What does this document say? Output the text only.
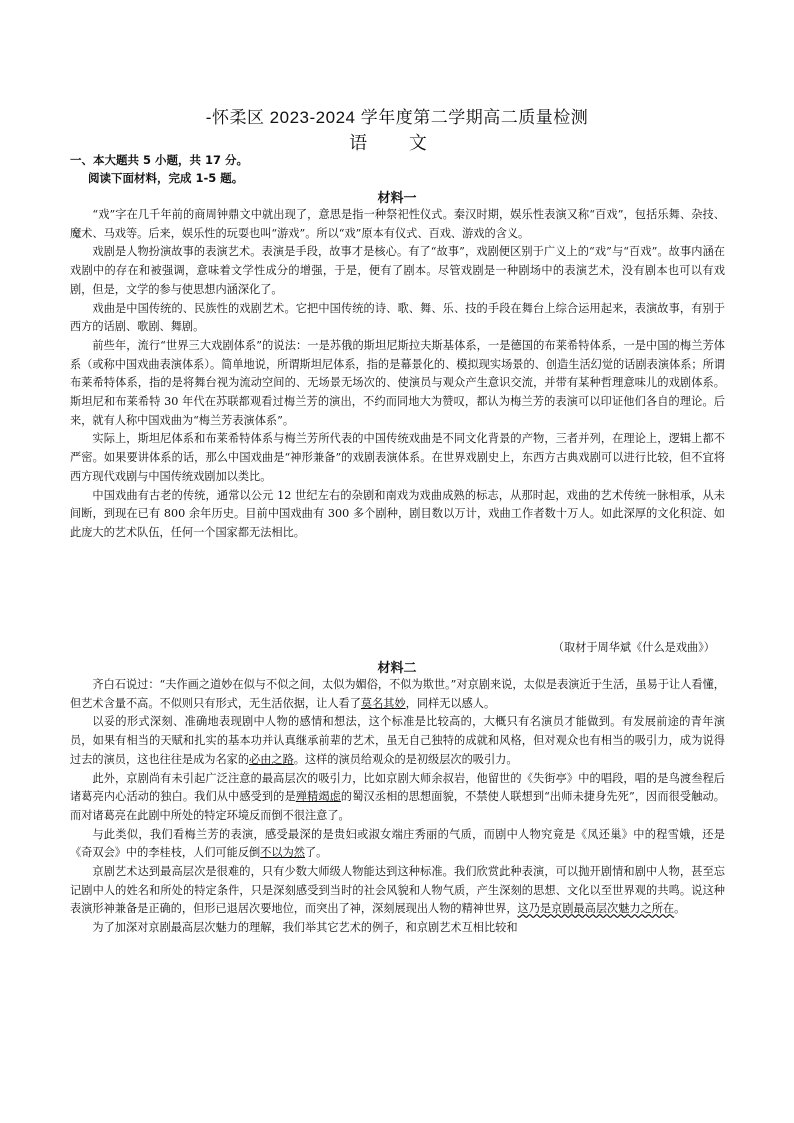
-怀柔区 2023-2024 学年度第二学期高二质量检测
语 文
一、本大题共 5 小题，共 17 分。
阅读下面材料，完成 1-5 题。
材料一

“戏”字在几千年前的商周钟鼎文中就出现了，意思是指一种祭祀性仪式。秦汉时期，娱乐性表演又称“百戏”，包括乐舞、杂技、魔术、马戏等。后来，娱乐性的玩耍也叫“游戏”。所以“戏”原本有仪式、百戏、游戏的含义。

戏剧是人物扮演故事的表演艺术。表演是手段，故事才是核心。有了“故事”，戏剧便区别于广义上的“戏”与“百戏”。故事内涵在戏剧中的存在和被强调，意味着文学性成分的增强，于是，便有了剧本。尽管戏剧是一种剧场中的表演艺术，没有剧本也可以有戏剧，但是，文学的参与使思想内涵深化了。

戏曲是中国传统的、民族性的戏剧艺术。它把中国传统的诗、歌、舞、乐、技的手段在舞台上综合运用起来，表演故事，有别于西方的话剧、歌剧、舞剧。

前些年，流行“世界三大戏剧体系”的说法：一是苏俄的斯坦尼斯拉夫斯基体系，一是德国的布莱希特体系，一是中国的梅兰芳体系（或称中国戏曲表演体系）。简单地说，所谓斯坦尼体系，指的是幕景化的、模拟现实场景的、创造生活幻觉的话剧表演体系；所谓布莱希特体系，指的是将舞台视为流动空间的、无场景无场次的、使演员与观众产生意识交流，并带有某种哲理意味儿的戏剧体系。斯坦尼和布莱希特 30 年代在苏联都观看过梅兰芳的演出，不约而同地大为赞叹，都认为梅兰芳的表演可以印证他们各自的理论。后来，就有人称中国戏曲为“梅兰芳表演体系”。

实际上，斯坦尼体系和布莱希特体系与梅兰芳所代表的中国传统戏曲是不同文化背景的产物，三者并列，在理论上，逻辑上都不严密。如果要讲体系的话，那么中国戏曲是“神形兼备”的戏剧表演体系。在世界戏剧史上，东西方古典戏剧可以进行比较，但不宜将西方现代戏剧与中国传统戏剧加以类比。

中国戏曲有古老的传统，通常以公元 12 世纪左右的杂剧和南戏为戏曲成熟的标志，从那时起，戏曲的艺术传统一脉相承，从未间断，到现在已有 800 余年历史。目前中国戏曲有 300 多个剧种，剧目数以万计，戏曲工作者数十万人。如此深厚的文化积淀、如此庞大的艺术队伍，任何一个国家都无法相比。

（取材于周华斌《什么是戏曲》）
材料二

齐白石说过：“夫作画之道妙在似与不似之间，太似为媚俗，不似为欺世。”对京剧来说，太似是表演近于生活，虽易于让人看懂，但艺术含量不高。不似则只有形式，无生活依据，让人看了莫名其妙，同样无以感人。

以妥的形式深刻、准确地表现剧中人物的感情和想法，这个标准是比较高的，大概只有名演员才能做到。有发展前途的青年演员，如果有相当的天赋和扎实的基本功并认真继承前辈的艺术，虽无自己独特的成就和风格，但对观众也有相当的吸引力，成为说得过去的演员，这也往往是成为名家的必由之路。这样的演员给观众的是初级层次的吸引力。

此外，京剧尚有未引起广泛注意的最高层次的吸引力，比如京剧大师余叔岩，他留世的《失街亭》中的唱段，唱的是鸟渡叁程后诸葛亮内心活动的独白。我们从中感受到的是殚精竭虑的蜀汉丞相的思想面貌，不禁使人联想到“出师未捷身先死”，因而很受触动。而对诸葛亮在此剧中所处的特定环境反而倒不很注意了。

与此类似，我们看梅兰芳的表演，感受最深的是贵妇或淑女端庄秀丽的气质，而剧中人物究竟是《凤还巢》中的程雪娥，还是《奇双会》中的李桂枝，人们可能反倒不以为然了。

京剧艺术达到最高层次是很难的，只有少数大师级人物能达到这种标准。我们欣赏此种表演，可以抛开剧情和剧中人物，甚至忘记剧中人的姓名和所处的特定条件，只是深刻感受到当时的社会风貌和人物气质，产生深刻的思想、文化以至世界观的共鸣。说这种表演形神兼备是正确的，但形已退居次要地位，而突出了神，深刻展现出人物的精神世界，这乃是京剧最高层次魅力之所在。

为了加深对京剧最高层次魅力的理解，我们举其它艺术的例子，和京剧艺术互相比较和
